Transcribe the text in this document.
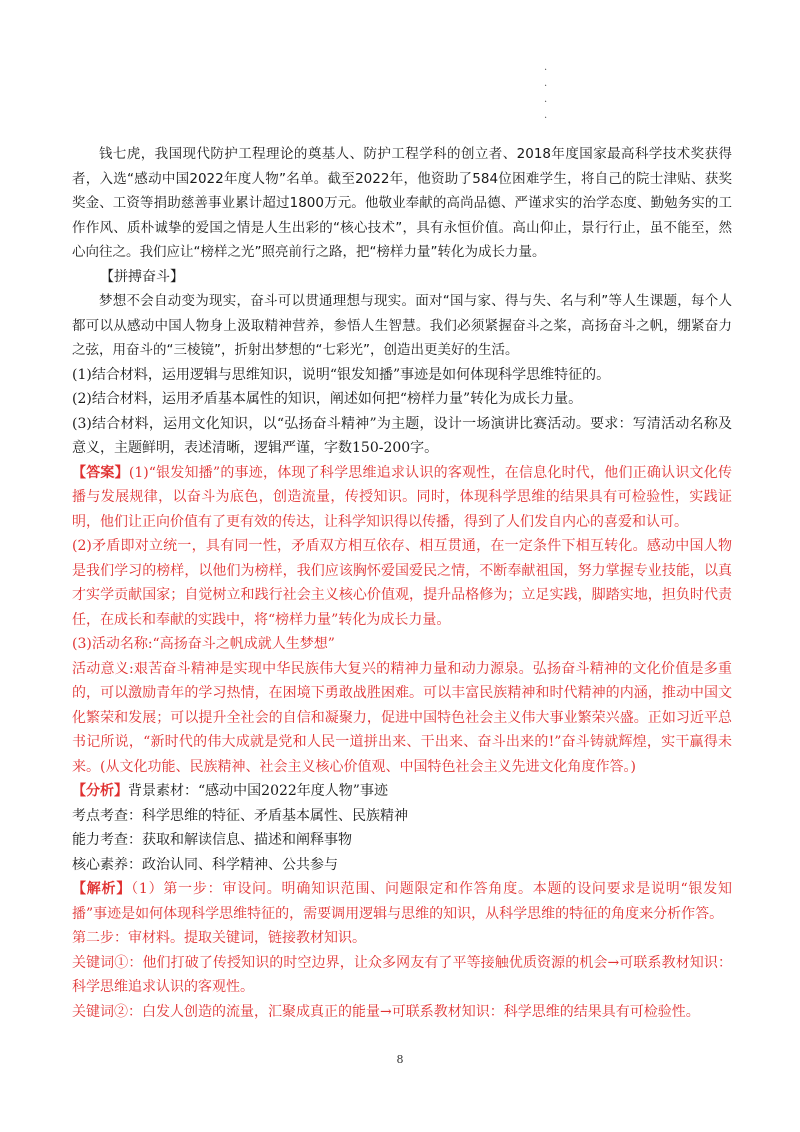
.
.
.
.

钱七虎，我国现代防护工程理论的奠基人、防护工程学科的创立者、2018年度国家最高科学技术奖获得者，入选“感动中国2022年度人物”名单。截至2022年，他资助了584位困难学生，将自己的院士津贴、获奖奖金、工资等捐助慈善事业累计超过1800万元。他敬业奉献的高尚品德、严谨求实的治学态度、勤勉务实的工作作风、质朴诚挚的爱国之情是人生出彩的“核心技术”，具有永恒价值。高山仰止，景行行止，虽不能至，然心向往之。我们应让“榜样之光”照亮前行之路，把“榜样力量”转化为成长力量。

【拼搏奋斗】

梦想不会自动变为现实，奋斗可以贯通理想与现实。面对“国与家、得与失、名与利”等人生课题，每个人都可以从感动中国人物身上汲取精神营养，参悟人生智慧。我们必须紧握奋斗之桨，高扬奋斗之帆，绷紧奋力之弦，用奋斗的“三棱镜”，折射出梦想的“七彩光”，创造出更美好的生活。

(1)结合材料，运用逻辑与思维知识，说明“银发知播”事迹是如何体现科学思维特征的。

(2)结合材料，运用矛盾基本属性的知识，阐述如何把“榜样力量”转化为成长力量。

(3)结合材料，运用文化知识，以“弘扬奋斗精神”为主题，设计一场演讲比赛活动。要求：写清活动名称及意义，主题鲜明，表述清晰，逻辑严谨，字数150-200字。

【答案】(1)“银发知播”的事迹，体现了科学思维追求认识的客观性，在信息化时代，他们正确认识文化传播与发展规律，以奋斗为底色，创造流量，传授知识。同时，体现科学思维的结果具有可检验性，实践证明，他们让正向价值有了更有效的传达，让科学知识得以传播，得到了人们发自内心的喜爱和认可。

(2)矛盾即对立统一，具有同一性，矛盾双方相互依存、相互贯通，在一定条件下相互转化。感动中国人物是我们学习的榜样，以他们为榜样，我们应该胸怀爱国爱民之情，不断奉献祖国，努力掌握专业技能，以真才实学贡献国家；自觉树立和践行社会主义核心价值观，提升品格修为；立足实践，脚踏实地，担负时代责任，在成长和奉献的实践中，将“榜样力量”转化为成长力量。

(3)活动名称:“高扬奋斗之帆成就人生梦想”

活动意义:艰苦奋斗精神是实现中华民族伟大复兴的精神力量和动力源泉。弘扬奋斗精神的文化价值是多重的，可以激励青年的学习热情，在困境下勇敢战胜困难。可以丰富民族精神和时代精神的内涵，推动中国文化繁荣和发展；可以提升全社会的自信和凝聚力，促进中国特色社会主义伟大事业繁荣兴盛。正如习近平总书记所说，“新时代的伟大成就是党和人民一道拼出来、干出来、奋斗出来的!”奋斗铸就辉煌，实干赢得未来。(从文化功能、民族精神、社会主义核心价值观、中国特色社会主义先进文化角度作答。)

【分析】背景素材：“感动中国2022年度人物”事迹

考点考查：科学思维的特征、矛盾基本属性、民族精神

能力考查：获取和解读信息、描述和阐释事物

核心素养：政治认同、科学精神、公共参与

【解析】（1）第一步：审设问。明确知识范围、问题限定和作答角度。本题的设问要求是说明“银发知播”事迹是如何体现科学思维特征的，需要调用逻辑与思维的知识，从科学思维的特征的角度来分析作答。

第二步：审材料。提取关键词，链接教材知识。

关键词①：他们打破了传授知识的时空边界，让众多网友有了平等接触优质资源的机会→可联系教材知识：科学思维追求认识的客观性。

关键词②：白发人创造的流量，汇聚成真正的能量→可联系教材知识：科学思维的结果具有可检验性。

8
